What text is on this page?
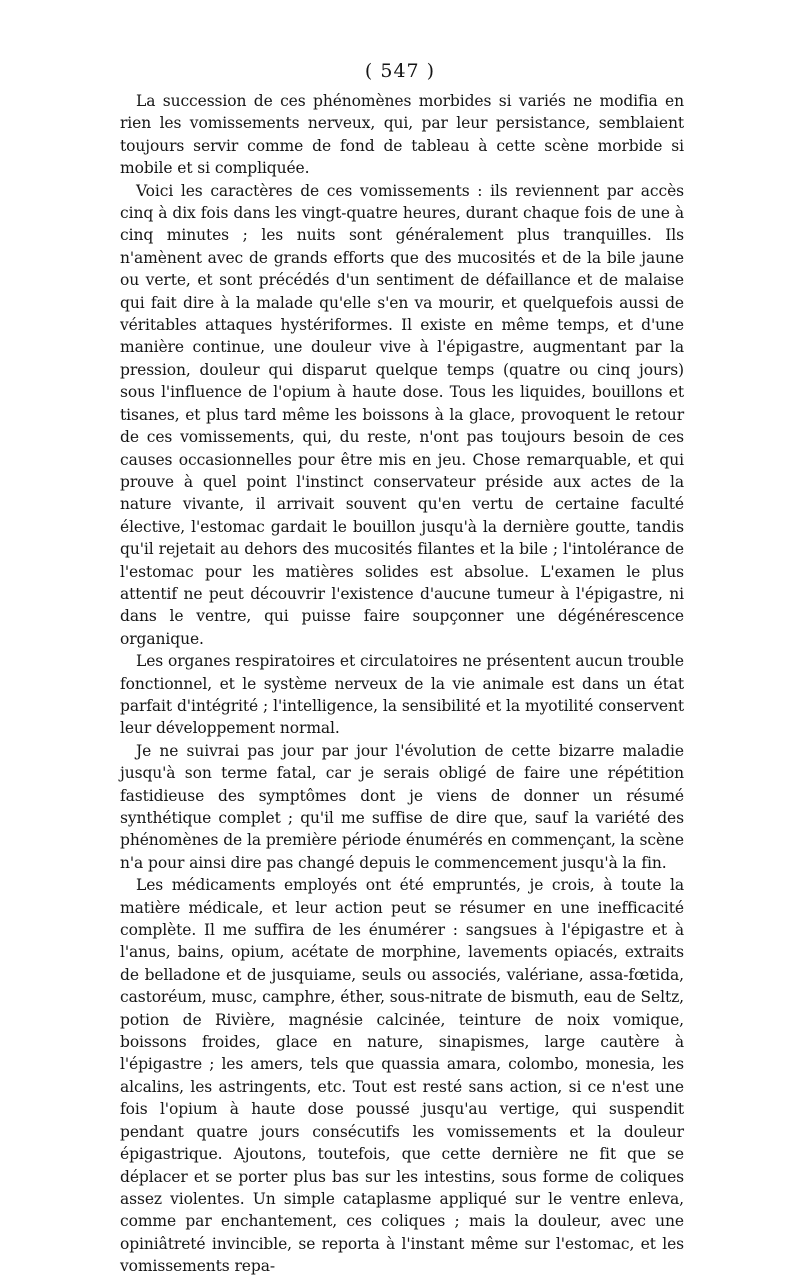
( 547 )

La succession de ces phénomènes morbides si variés ne modifia en rien les vomissements nerveux, qui, par leur persistance, semblaient toujours servir comme de fond de tableau à cette scène morbide si mobile et si compliquée.

Voici les caractères de ces vomissements : ils reviennent par accès cinq à dix fois dans les vingt-quatre heures, durant chaque fois de une à cinq minutes ; les nuits sont généralement plus tranquilles. Ils n'amènent avec de grands efforts que des mucosités et de la bile jaune ou verte, et sont précédés d'un sentiment de défaillance et de malaise qui fait dire à la malade qu'elle s'en va mourir, et quelquefois aussi de véritables attaques hystériformes. Il existe en même temps, et d'une manière continue, une douleur vive à l'épigastre, augmentant par la pression, douleur qui disparut quelque temps (quatre ou cinq jours) sous l'influence de l'opium à haute dose. Tous les liquides, bouillons et tisanes, et plus tard même les boissons à la glace, provoquent le retour de ces vomissements, qui, du reste, n'ont pas toujours besoin de ces causes occasionnelles pour être mis en jeu. Chose remarquable, et qui prouve à quel point l'instinct conservateur préside aux actes de la nature vivante, il arrivait souvent qu'en vertu de certaine faculté élective, l'estomac gardait le bouillon jusqu'à la dernière goutte, tandis qu'il rejetait au dehors des mucosités filantes et la bile ; l'intolérance de l'estomac pour les matières solides est absolue. L'examen le plus attentif ne peut découvrir l'existence d'aucune tumeur à l'épigastre, ni dans le ventre, qui puisse faire soupçonner une dégénérescence organique.

Les organes respiratoires et circulatoires ne présentent aucun trouble fonctionnel, et le système nerveux de la vie animale est dans un état parfait d'intégrité ; l'intelligence, la sensibilité et la myotilité conservent leur développement normal.

Je ne suivrai pas jour par jour l'évolution de cette bizarre maladie jusqu'à son terme fatal, car je serais obligé de faire une répétition fastidieuse des symptômes dont je viens de donner un résumé synthétique complet ; qu'il me suffise de dire que, sauf la variété des phénomènes de la première période énumérés en commençant, la scène n'a pour ainsi dire pas changé depuis le commencement jusqu'à la fin.

Les médicaments employés ont été empruntés, je crois, à toute la matière médicale, et leur action peut se résumer en une inefficacité complète. Il me suffira de les énumérer : sangsues à l'épigastre et à l'anus, bains, opium, acétate de morphine, lavements opiacés, extraits de belladone et de jusquiame, seuls ou associés, valériane, assa-fœtida, castoréum, musc, camphre, éther, sous-nitrate de bismuth, eau de Seltz, potion de Rivière, magnésie calcinée, teinture de noix vomique, boissons froides, glace en nature, sinapismes, large cautère à l'épigastre ; les amers, tels que quassia amara, colombo, monesia, les alcalins, les astringents, etc. Tout est resté sans action, si ce n'est une fois l'opium à haute dose poussé jusqu'au vertige, qui suspendit pendant quatre jours consécutifs les vomissements et la douleur épigastrique. Ajoutons, toutefois, que cette dernière ne fit que se déplacer et se porter plus bas sur les intestins, sous forme de coliques assez violentes. Un simple cataplasme appliqué sur le ventre enleva, comme par enchantement, ces coliques ; mais la douleur, avec une opiniâtreté invincible, se reporta à l'instant même sur l'estomac, et les vomissements repa-
